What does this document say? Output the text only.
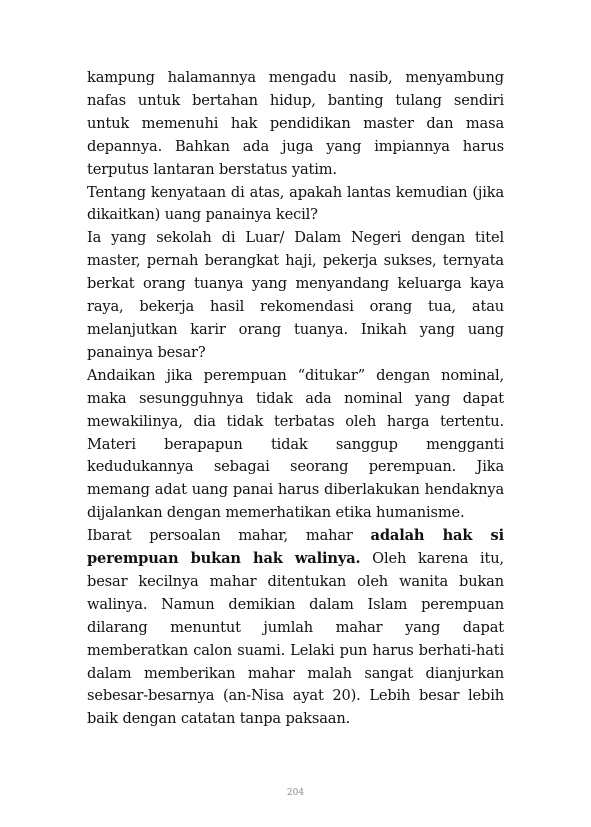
kampung halamannya mengadu nasib, menyambung nafas untuk bertahan hidup, banting tulang sendiri untuk memenuhi hak pendidikan master dan masa depannya. Bahkan ada juga yang impiannya harus terputus lantaran berstatus yatim.

Tentang kenyataan di atas, apakah lantas kemudian (jika dikaitkan) uang panainya kecil?

Ia yang sekolah di Luar/ Dalam Negeri dengan titel master, pernah berangkat haji, pekerja sukses, ternyata berkat orang tuanya yang menyandang keluarga kaya raya, bekerja hasil rekomendasi orang tua, atau melanjutkan karir orang tuanya. Inikah yang uang panainya besar?

Andaikan jika perempuan “ditukar” dengan nominal, maka sesungguhnya tidak ada nominal yang dapat mewakilinya, dia tidak terbatas oleh harga tertentu. Materi berapapun tidak sanggup mengganti kedudukannya sebagai seorang perempuan. Jika memang adat uang panai harus diberlakukan hendaknya dijalankan dengan memerhatikan etika humanisme.

Ibarat persoalan mahar, mahar adalah hak si perempuan bukan hak walinya. Oleh karena itu, besar kecilnya mahar ditentukan oleh wanita bukan walinya. Namun demikian dalam Islam perempuan dilarang menuntut jumlah mahar yang dapat memberatkan calon suami. Lelaki pun harus berhati-hati dalam memberikan mahar malah sangat dianjurkan sebesar-besarnya (an-Nisa ayat 20). Lebih besar lebih baik dengan catatan tanpa paksaan.

204
